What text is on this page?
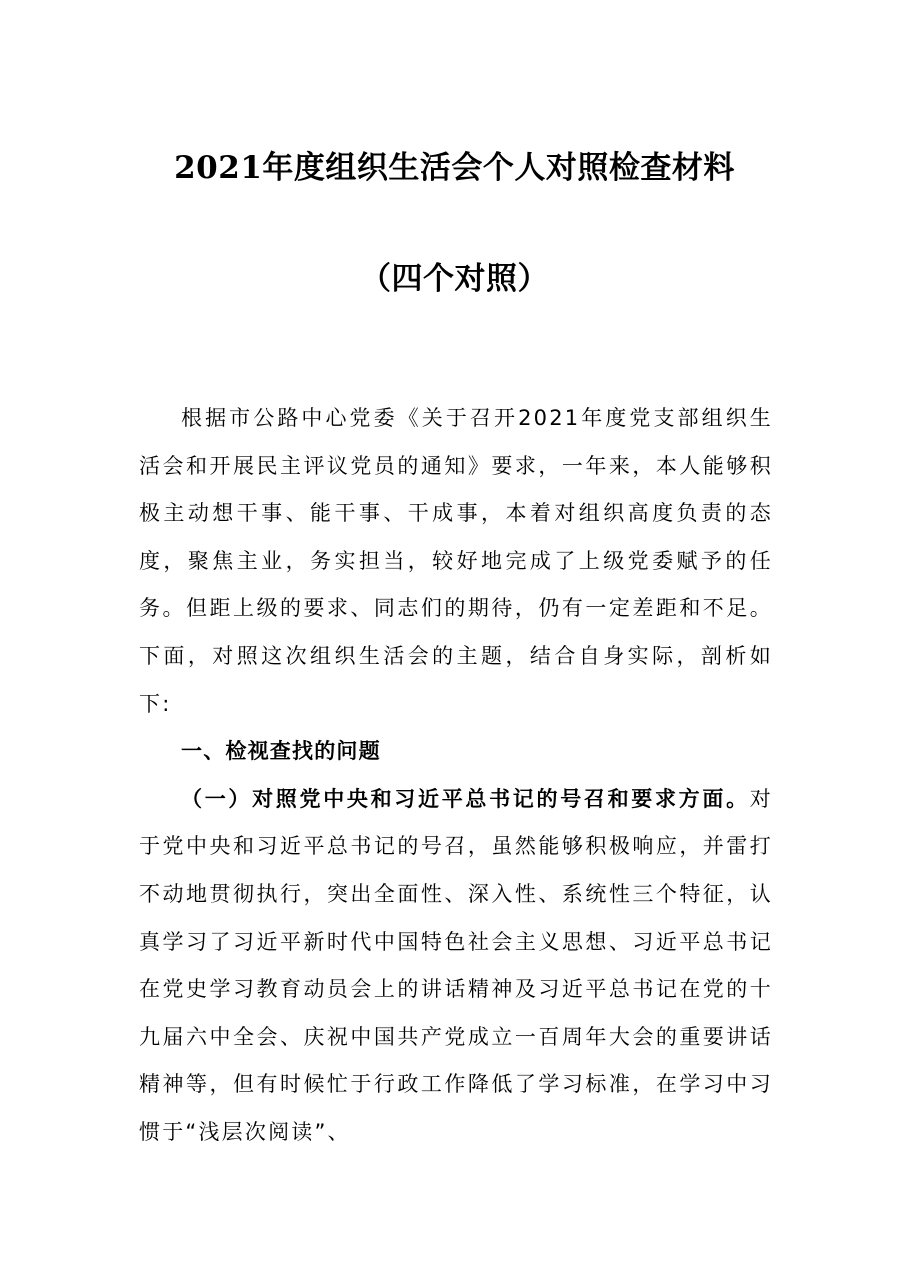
2021年度组织生活会个人对照检查材料
（四个对照）

根据市公路中心党委《关于召开2021年度党支部组织生活会和开展民主评议党员的通知》要求，一年来，本人能够积极主动想干事、能干事、干成事，本着对组织高度负责的态度，聚焦主业，务实担当，较好地完成了上级党委赋予的任务。但距上级的要求、同志们的期待，仍有一定差距和不足。下面，对照这次组织生活会的主题，结合自身实际，剖析如下:

一、检视查找的问题

（一）对照党中央和习近平总书记的号召和要求方面。对于党中央和习近平总书记的号召，虽然能够积极响应，并雷打不动地贯彻执行，突出全面性、深入性、系统性三个特征，认真学习了习近平新时代中国特色社会主义思想、习近平总书记在党史学习教育动员会上的讲话精神及习近平总书记在党的十九届六中全会、庆祝中国共产党成立一百周年大会的重要讲话精神等，但有时候忙于行政工作降低了学习标准，在学习中习惯于“浅层次阅读”、
